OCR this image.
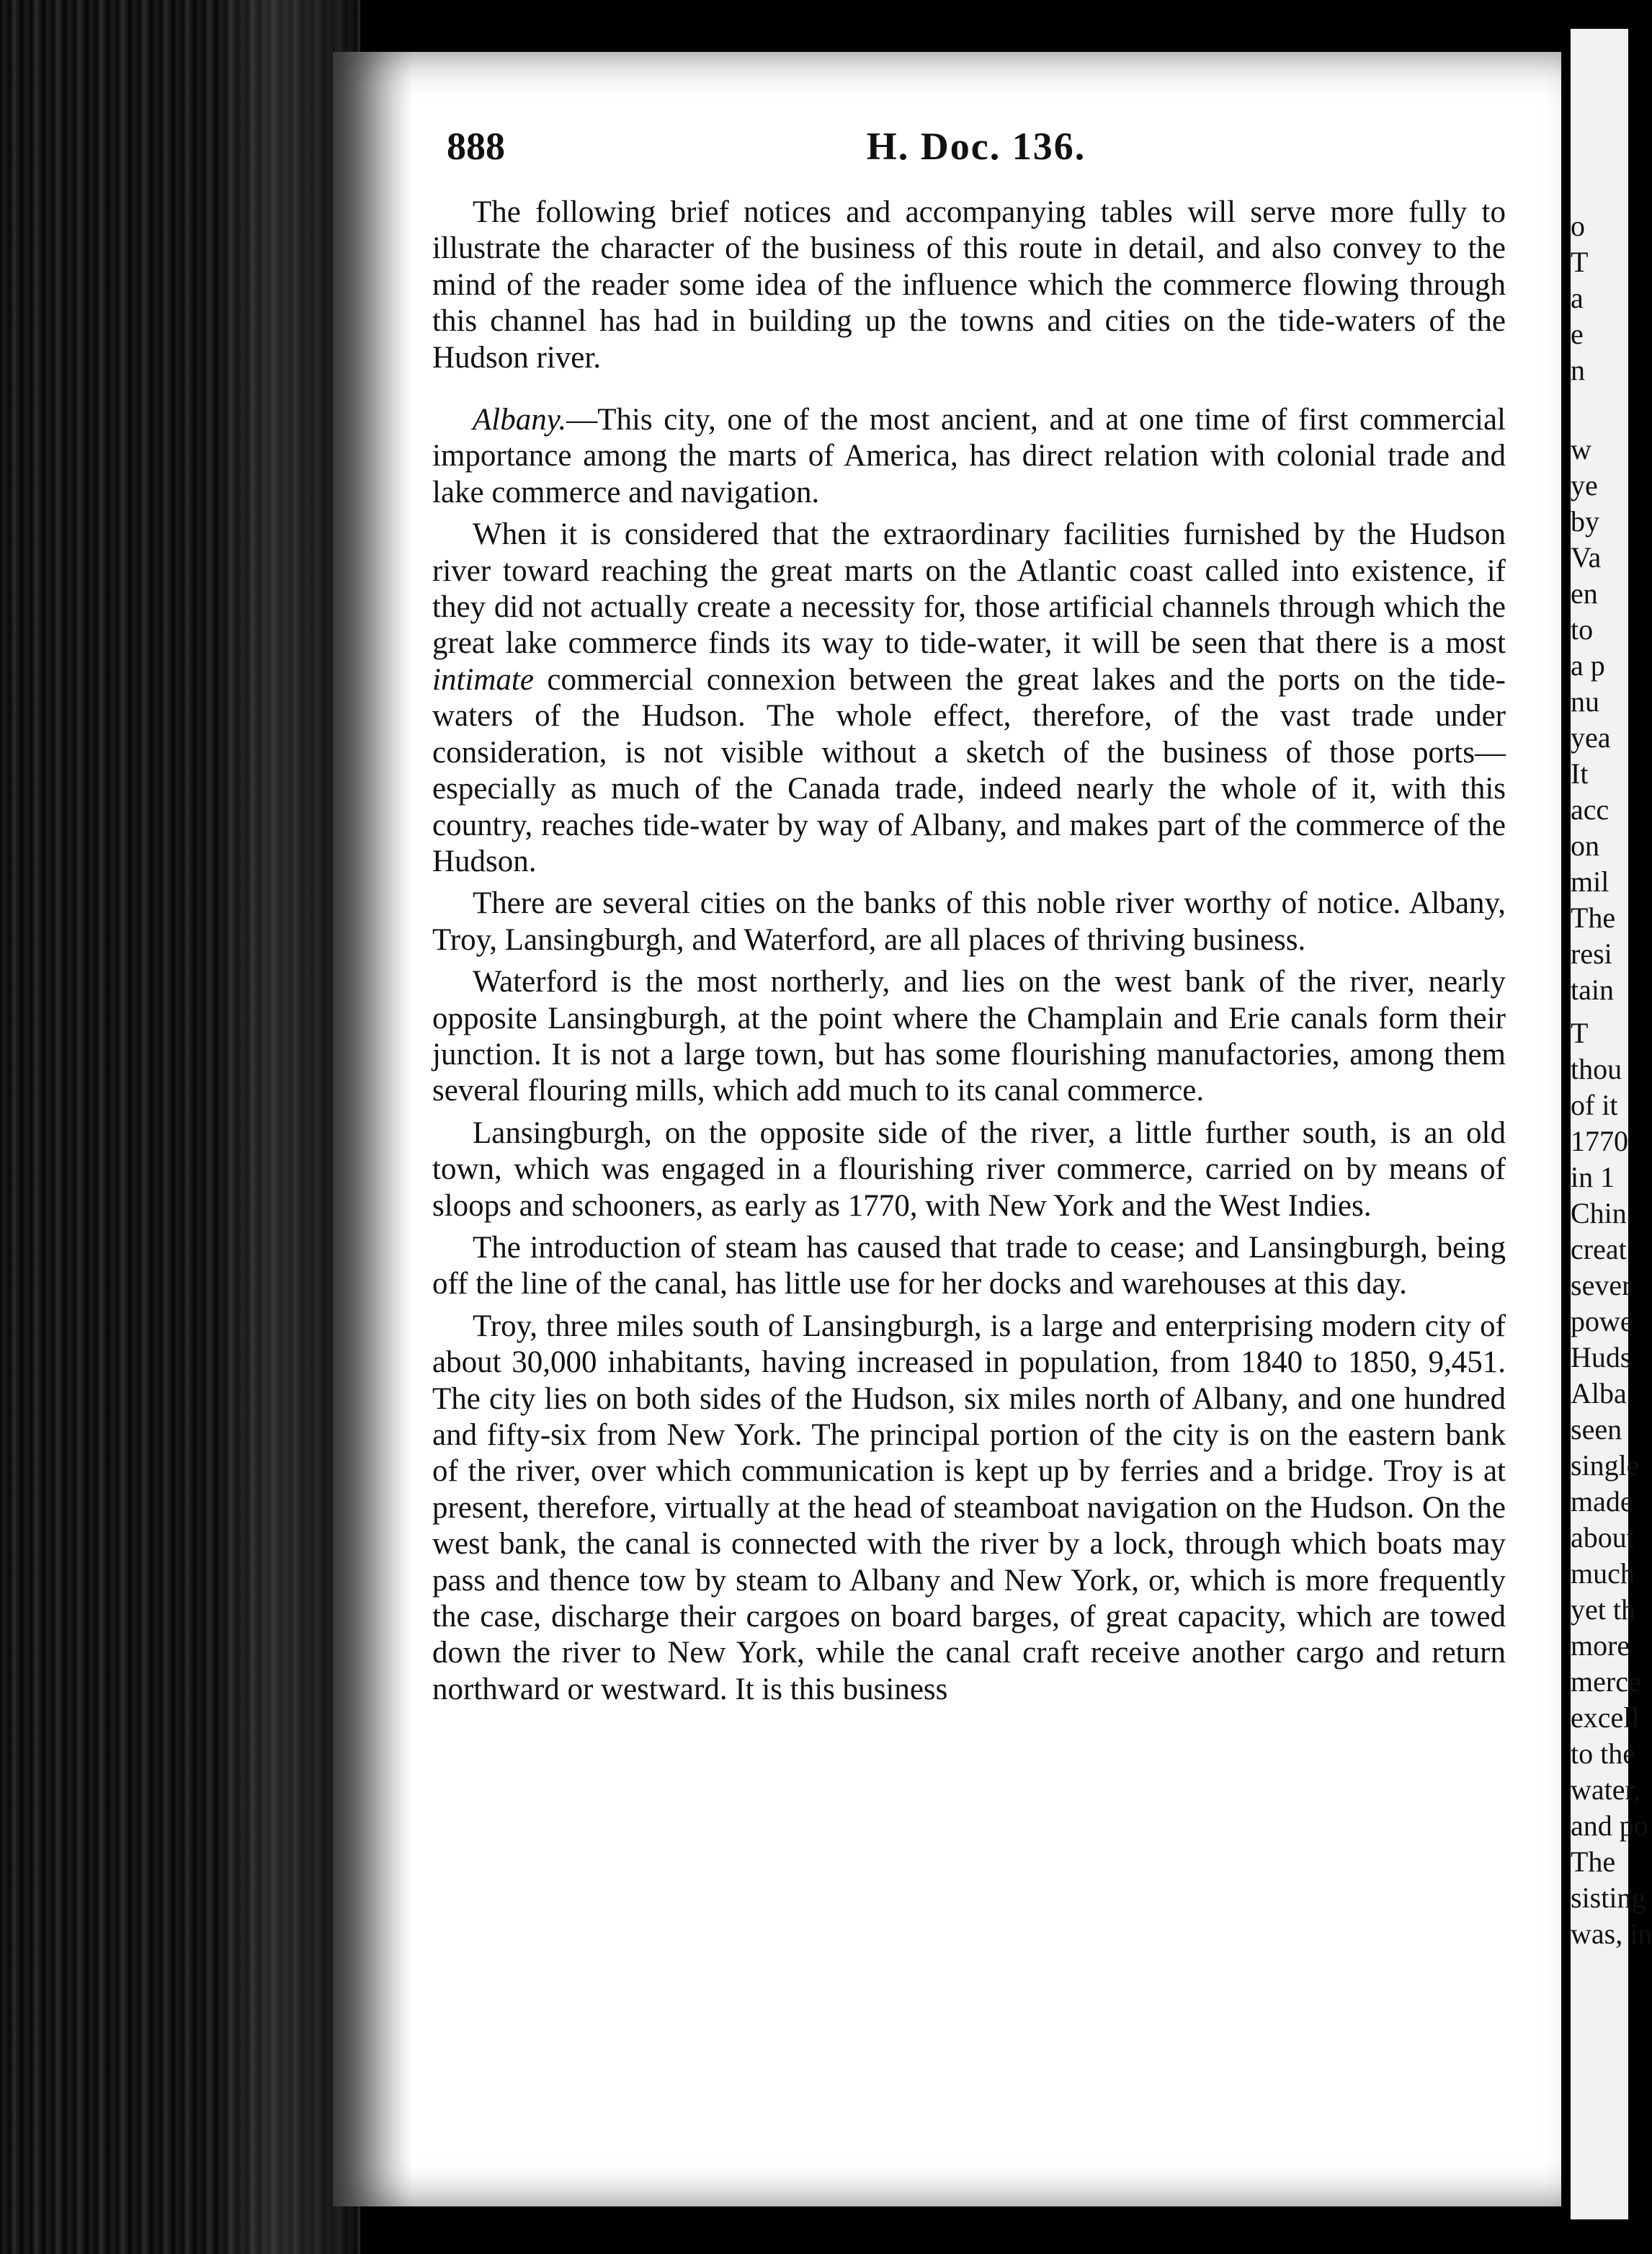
o
T
a
e
n
w
ye
by
Va
en
to
a p
nu
yea
It
acc
on
mil
The
resi
tain
T
thou
of it
1770
in 1
Chin
creat
sever
powe
Huds
Alba
seen
single
made
about
much
yet th
more
merce
excell
to the
water,
and po
The
sisting
was, in
888	H. Doc. 136.

The following brief notices and accompanying tables will serve more fully to illustrate the character of the business of this route in detail, and also convey to the mind of the reader some idea of the influence which the commerce flowing through this channel has had in building up the towns and cities on the tide-waters of the Hudson river.

Albany.—This city, one of the most ancient, and at one time of first commercial importance among the marts of America, has direct relation with colonial trade and lake commerce and navigation.

When it is considered that the extraordinary facilities furnished by the Hudson river toward reaching the great marts on the Atlantic coast called into existence, if they did not actually create a necessity for, those artificial channels through which the great lake commerce finds its way to tide-water, it will be seen that there is a most intimate commercial connexion between the great lakes and the ports on the tide-waters of the Hudson. The whole effect, therefore, of the vast trade under consideration, is not visible without a sketch of the business of those ports—especially as much of the Canada trade, indeed nearly the whole of it, with this country, reaches tide-water by way of Albany, and makes part of the commerce of the Hudson.

There are several cities on the banks of this noble river worthy of notice. Albany, Troy, Lansingburgh, and Waterford, are all places of thriving business.

Waterford is the most northerly, and lies on the west bank of the river, nearly opposite Lansingburgh, at the point where the Champlain and Erie canals form their junction. It is not a large town, but has some flourishing manufactories, among them several flouring mills, which add much to its canal commerce.

Lansingburgh, on the opposite side of the river, a little further south, is an old town, which was engaged in a flourishing river commerce, carried on by means of sloops and schooners, as early as 1770, with New York and the West Indies.

The introduction of steam has caused that trade to cease; and Lansingburgh, being off the line of the canal, has little use for her docks and warehouses at this day.

Troy, three miles south of Lansingburgh, is a large and enterprising modern city of about 30,000 inhabitants, having increased in population, from 1840 to 1850, 9,451. The city lies on both sides of the Hudson, six miles north of Albany, and one hundred and fifty-six from New York. The principal portion of the city is on the eastern bank of the river, over which communication is kept up by ferries and a bridge. Troy is at present, therefore, virtually at the head of steamboat navigation on the Hudson. On the west bank, the canal is connected with the river by a lock, through which boats may pass and thence tow by steam to Albany and New York, or, which is more frequently the case, discharge their cargoes on board barges, of great capacity, which are towed down the river to New York, while the canal craft receive another cargo and return northward or westward. It is this business
